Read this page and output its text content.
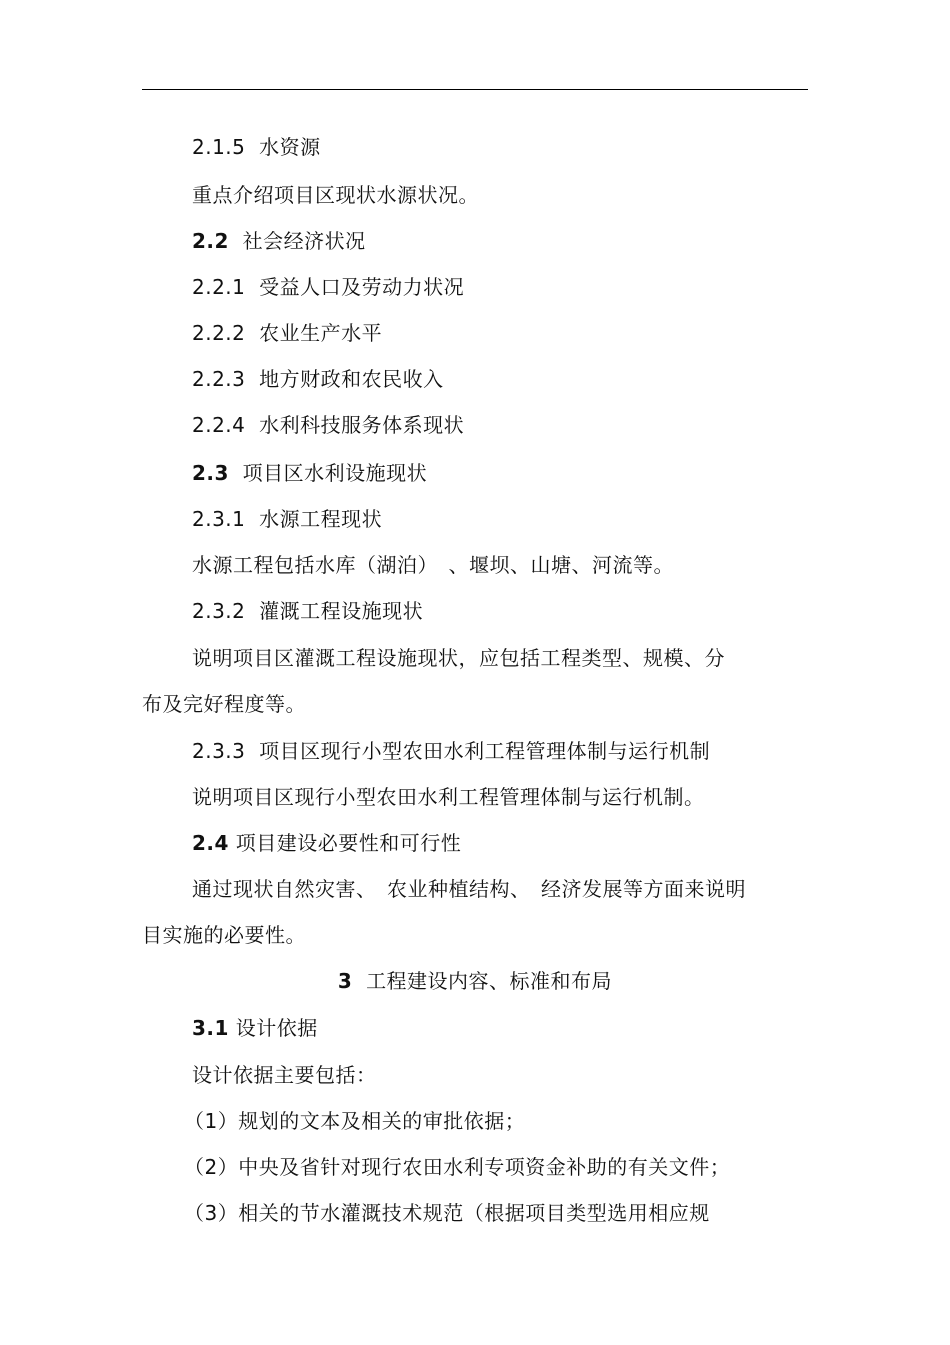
2.1.5 水资源
重点介绍项目区现状水源状况。
2.2 社会经济状况
2.2.1 受益人口及劳动力状况
2.2.2 农业生产水平
2.2.3 地方财政和农民收入
2.2.4 水利科技服务体系现状
2.3 项目区水利设施现状
2.3.1 水源工程现状
水源工程包括水库（湖泊）　、堰坝、山塘、河流等。
2.3.2 灌溉工程设施现状
说明项目区灌溉工程设施现状，应包括工程类型、规模、分
布及完好程度等。
2.3.3 项目区现行小型农田水利工程管理体制与运行机制
说明项目区现行小型农田水利工程管理体制与运行机制。
2.4 项目建设必要性和可行性
通过现状自然灾害、　农业种植结构、　经济发展等方面来说明
目实施的必要性。
3 工程建设内容、标准和布局
3.1 设计依据
设计依据主要包括：
（1）规划的文本及相关的审批依据；
（2）中央及省针对现行农田水利专项资金补助的有关文件；
（3）相关的节水灌溉技术规范（根据项目类型选用相应规
